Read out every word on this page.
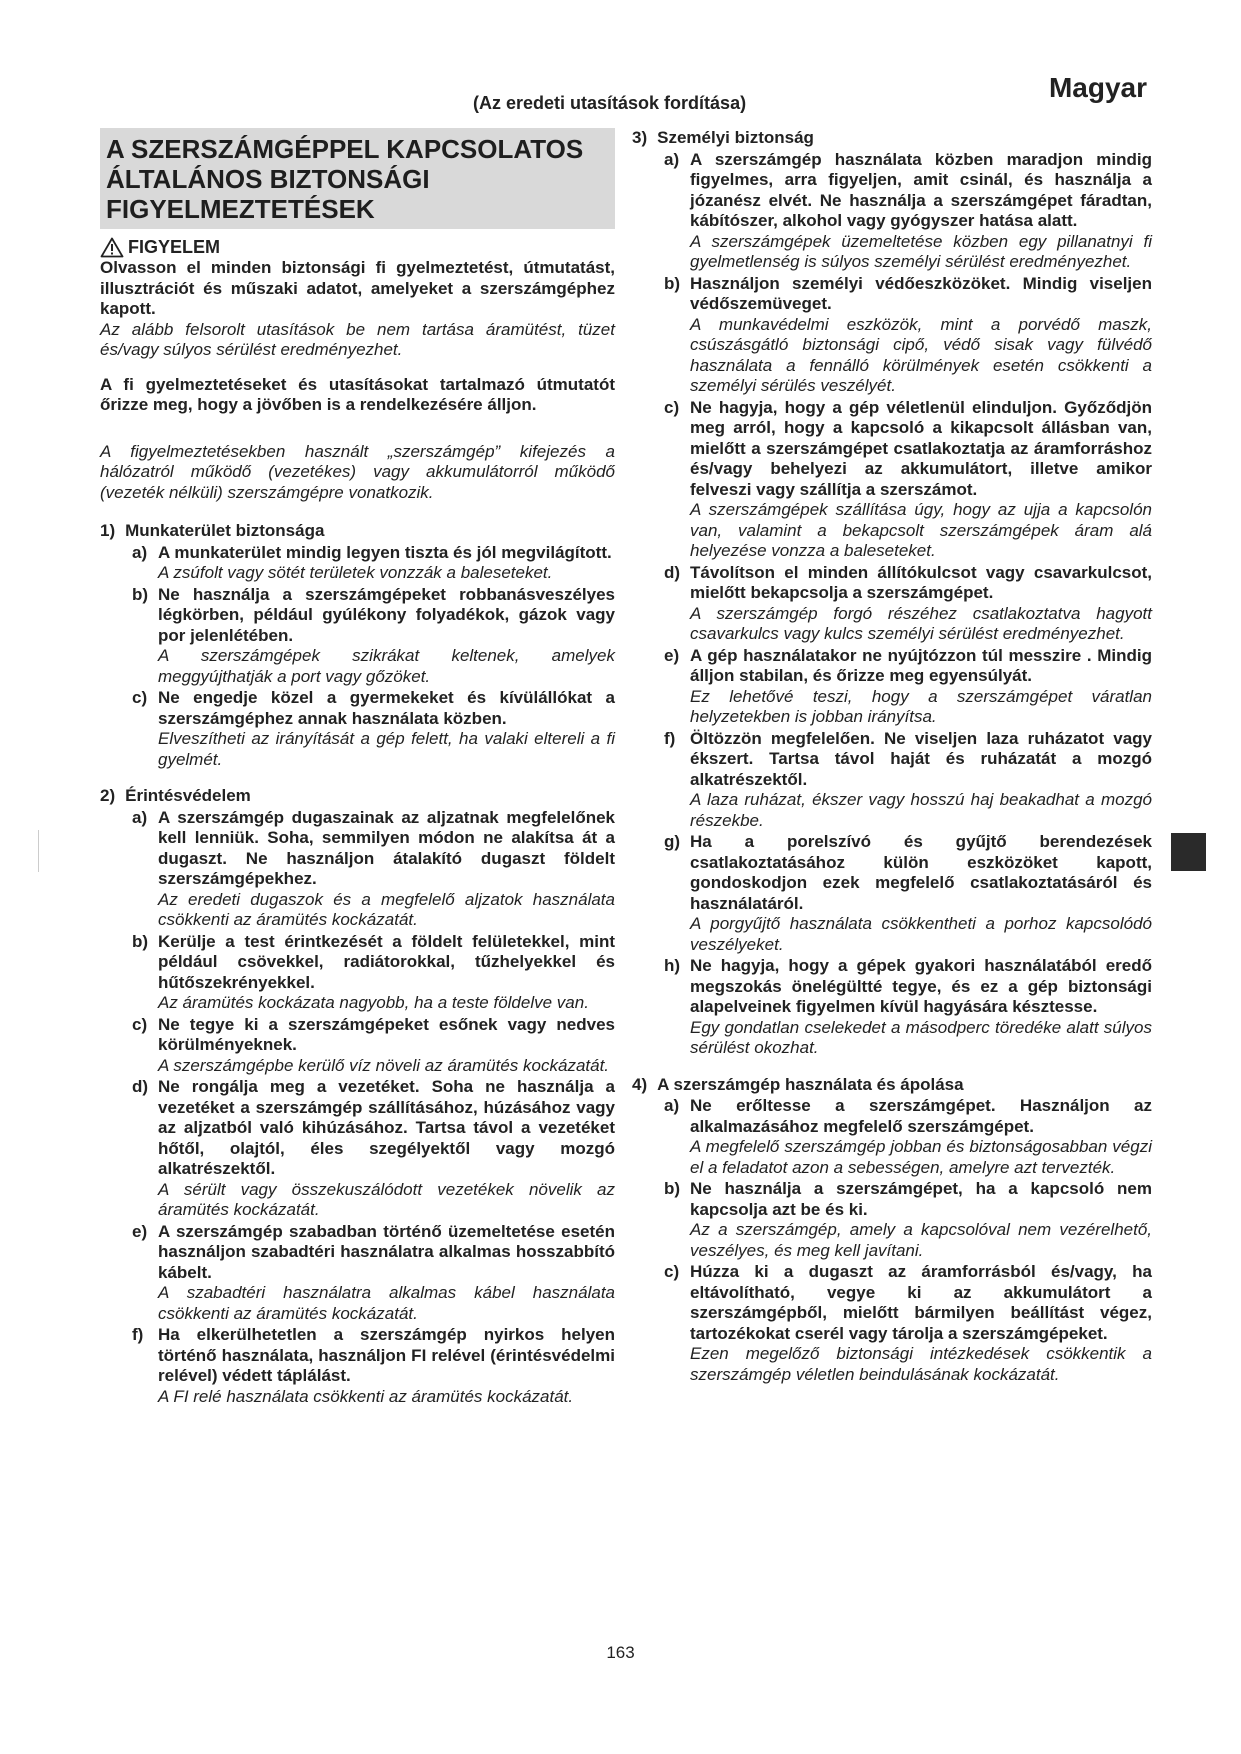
Magyar
(Az eredeti utasítások fordítása)
A SZERSZÁMGÉPPEL KAPCSOLATOS ÁLTALÁNOS BIZTONSÁGI FIGYELMEZTETÉSEK
FIGYELEM
Olvasson el minden biztonsági fi gyelmeztetést, útmutatást, illusztrációt és műszaki adatot, amelyeket a szerszámgéphez kapott.
Az alább felsorolt utasítások be nem tartása áramütést, tüzet és/vagy súlyos sérülést eredményezhet.
A fi gyelmeztetéseket és utasításokat tartalmazó útmutatót őrizze meg, hogy a jövőben is a rendelkezésére álljon.
A figyelmeztetésekben használt „szerszámgép” kifejezés a hálózatról működő (vezetékes) vagy akkumulátorról működő (vezeték nélküli) szerszámgépre vonatkozik.
1) Munkaterület biztonsága
a) A munkaterület mindig legyen tiszta és jól megvilágított.
A zsúfolt vagy sötét területek vonzzák a baleseteket.
b) Ne használja a szerszámgépeket robbanásveszélyes légkörben, például gyúlékony folyadékok, gázok vagy por jelenlétében.
A szerszámgépek szikrákat keltenek, amelyek meggyújthatják a port vagy gőzöket.
c) Ne engedje közel a gyermekeket és kívülállókat a szerszámgéphez annak használata közben.
Elveszítheti az irányítását a gép felett, ha valaki eltereli a fi gyelmét.
2) Érintésvédelem
a) A szerszámgép dugaszainak az aljzatnak megfelelőnek kell lenniük. Soha, semmilyen módon ne alakítsa át a dugaszt. Ne használjon átalakító dugaszt földelt szerszámgépekhez.
Az eredeti dugaszok és a megfelelő aljzatok használata csökkenti az áramütés kockázatát.
b) Kerülje a test érintkezését a földelt felületekkel, mint például csövekkel, radiátorokkal, tűzhelyekkel és hűtőszekrényekkel.
Az áramütés kockázata nagyobb, ha a teste földelve van.
c) Ne tegye ki a szerszámgépeket esőnek vagy nedves körülményeknek.
A szerszámgépbe kerülő víz növeli az áramütés kockázatát.
d) Ne rongálja meg a vezetéket. Soha ne használja a vezetéket a szerszámgép szállításához, húzásához vagy az aljzatból való kihúzásához. Tartsa távol a vezetéket hőtől, olajtól, éles szegélyektől vagy mozgó alkatrészektől.
A sérült vagy összekuszálódott vezetékek növelik az áramütés kockázatát.
e) A szerszámgép szabadban történő üzemeltetése esetén használjon szabadtéri használatra alkalmas hosszabbító kábelt.
A szabadtéri használatra alkalmas kábel használata csökkenti az áramütés kockázatát.
f) Ha elkerülhetetlen a szerszámgép nyirkos helyen történő használata, használjon FI relével (érintésvédelmi relével) védett táplálást.
A FI relé használata csökkenti az áramütés kockázatát.
3) Személyi biztonság
a) A szerszámgép használata közben maradjon mindig figyelmes, arra figyeljen, amit csinál, és használja a józanész elvét. Ne használja a szerszámgépet fáradtan, kábítószer, alkohol vagy gyógyszer hatása alatt.
A szerszámgépek üzemeltetése közben egy pillanatnyi fi gyelmetlenség is súlyos személyi sérülést eredményezhet.
b) Használjon személyi védőeszközöket. Mindig viseljen védőszemüveget.
A munkavédelmi eszközök, mint a porvédő maszk, csúszásgátló biztonsági cipő, védő sisak vagy fülvédő használata a fennálló körülmények esetén csökkenti a személyi sérülés veszélyét.
c) Ne hagyja, hogy a gép véletlenül elinduljon. Győződjön meg arról, hogy a kapcsoló a kikapcsolt állásban van, mielőtt a szerszámgépet csatlakoztatja az áramforráshoz és/vagy behelyezi az akkumulátort, illetve amikor felveszi vagy szállítja a szerszámot.
A szerszámgépek szállítása úgy, hogy az ujja a kapcsolón van, valamint a bekapcsolt szerszámgépek áram alá helyezése vonzza a baleseteket.
d) Távolítson el minden állítókulcsot vagy csavarkulcsot, mielőtt bekapcsolja a szerszámgépet.
A szerszámgép forgó részéhez csatlakoztatva hagyott csavarkulcs vagy kulcs személyi sérülést eredményezhet.
e) A gép használatakor ne nyújtózzon túl messzire . Mindig álljon stabilan, és őrizze meg egyensúlyát.
Ez lehetővé teszi, hogy a szerszámgépet váratlan helyzetekben is jobban irányítsa.
f) Öltözzön megfelelően. Ne viseljen laza ruházatot vagy ékszert. Tartsa távol haját és ruházatát a mozgó alkatrészektől.
A laza ruházat, ékszer vagy hosszú haj beakadhat a mozgó részekbe.
g) Ha a porelszívó és gyűjtő berendezések csatlakoztatásához külön eszközöket kapott, gondoskodjon ezek megfelelő csatlakoztatásáról és használatáról.
A porgyűjtő használata csökkentheti a porhoz kapcsolódó veszélyeket.
h) Ne hagyja, hogy a gépek gyakori használatából eredő megszokás önelégültté tegye, és ez a gép biztonsági alapelveinek figyelmen kívül hagyására késztesse.
Egy gondatlan cselekedet a másodperc töredéke alatt súlyos sérülést okozhat.
4) A szerszámgép használata és ápolása
a) Ne erőltesse a szerszámgépet. Használjon az alkalmazásához megfelelő szerszámgépet.
A megfelelő szerszámgép jobban és biztonságosabban végzi el a feladatot azon a sebességen, amelyre azt tervezték.
b) Ne használja a szerszámgépet, ha a kapcsoló nem kapcsolja azt be és ki.
Az a szerszámgép, amely a kapcsolóval nem vezérelhető, veszélyes, és meg kell javítani.
c) Húzza ki a dugaszt az áramforrásból és/vagy, ha eltávolítható, vegye ki az akkumulátort a szerszámgépből, mielőtt bármilyen beállítást végez, tartozékokat cserél vagy tárolja a szerszámgépeket.
Ezen megelőző biztonsági intézkedések csökkentik a szerszámgép véletlen beindulásának kockázatát.
163
